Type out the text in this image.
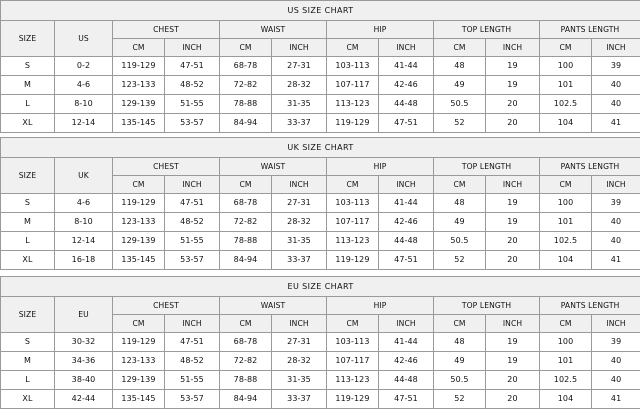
US SIZE CHART											
SIZE	US	CHEST		WAIST		HIP		TOP LENGTH		PANTS LENGTH	
		CM	INCH	CM	INCH	CM	INCH	CM	INCH	CM	INCH
S	0-2	119-129	47-51	68-78	27-31	103-113	41-44	48	19	100	39
M	4-6	123-133	48-52	72-82	28-32	107-117	42-46	49	19	101	40
L	8-10	129-139	51-55	78-88	31-35	113-123	44-48	50.5	20	102.5	40
XL	12-14	135-145	53-57	84-94	33-37	119-129	47-51	52	20	104	41
UK SIZE CHART											
SIZE	UK	CHEST		WAIST		HIP		TOP LENGTH		PANTS LENGTH	
		CM	INCH	CM	INCH	CM	INCH	CM	INCH	CM	INCH
S	4-6	119-129	47-51	68-78	27-31	103-113	41-44	48	19	100	39
M	8-10	123-133	48-52	72-82	28-32	107-117	42-46	49	19	101	40
L	12-14	129-139	51-55	78-88	31-35	113-123	44-48	50.5	20	102.5	40
XL	16-18	135-145	53-57	84-94	33-37	119-129	47-51	52	20	104	41
EU SIZE CHART											
SIZE	EU	CHEST		WAIST		HIP		TOP LENGTH		PANTS LENGTH	
		CM	INCH	CM	INCH	CM	INCH	CM	INCH	CM	INCH
S	30-32	119-129	47-51	68-78	27-31	103-113	41-44	48	19	100	39
M	34-36	123-133	48-52	72-82	28-32	107-117	42-46	49	19	101	40
L	38-40	129-139	51-55	78-88	31-35	113-123	44-48	50.5	20	102.5	40
XL	42-44	135-145	53-57	84-94	33-37	119-129	47-51	52	20	104	41
